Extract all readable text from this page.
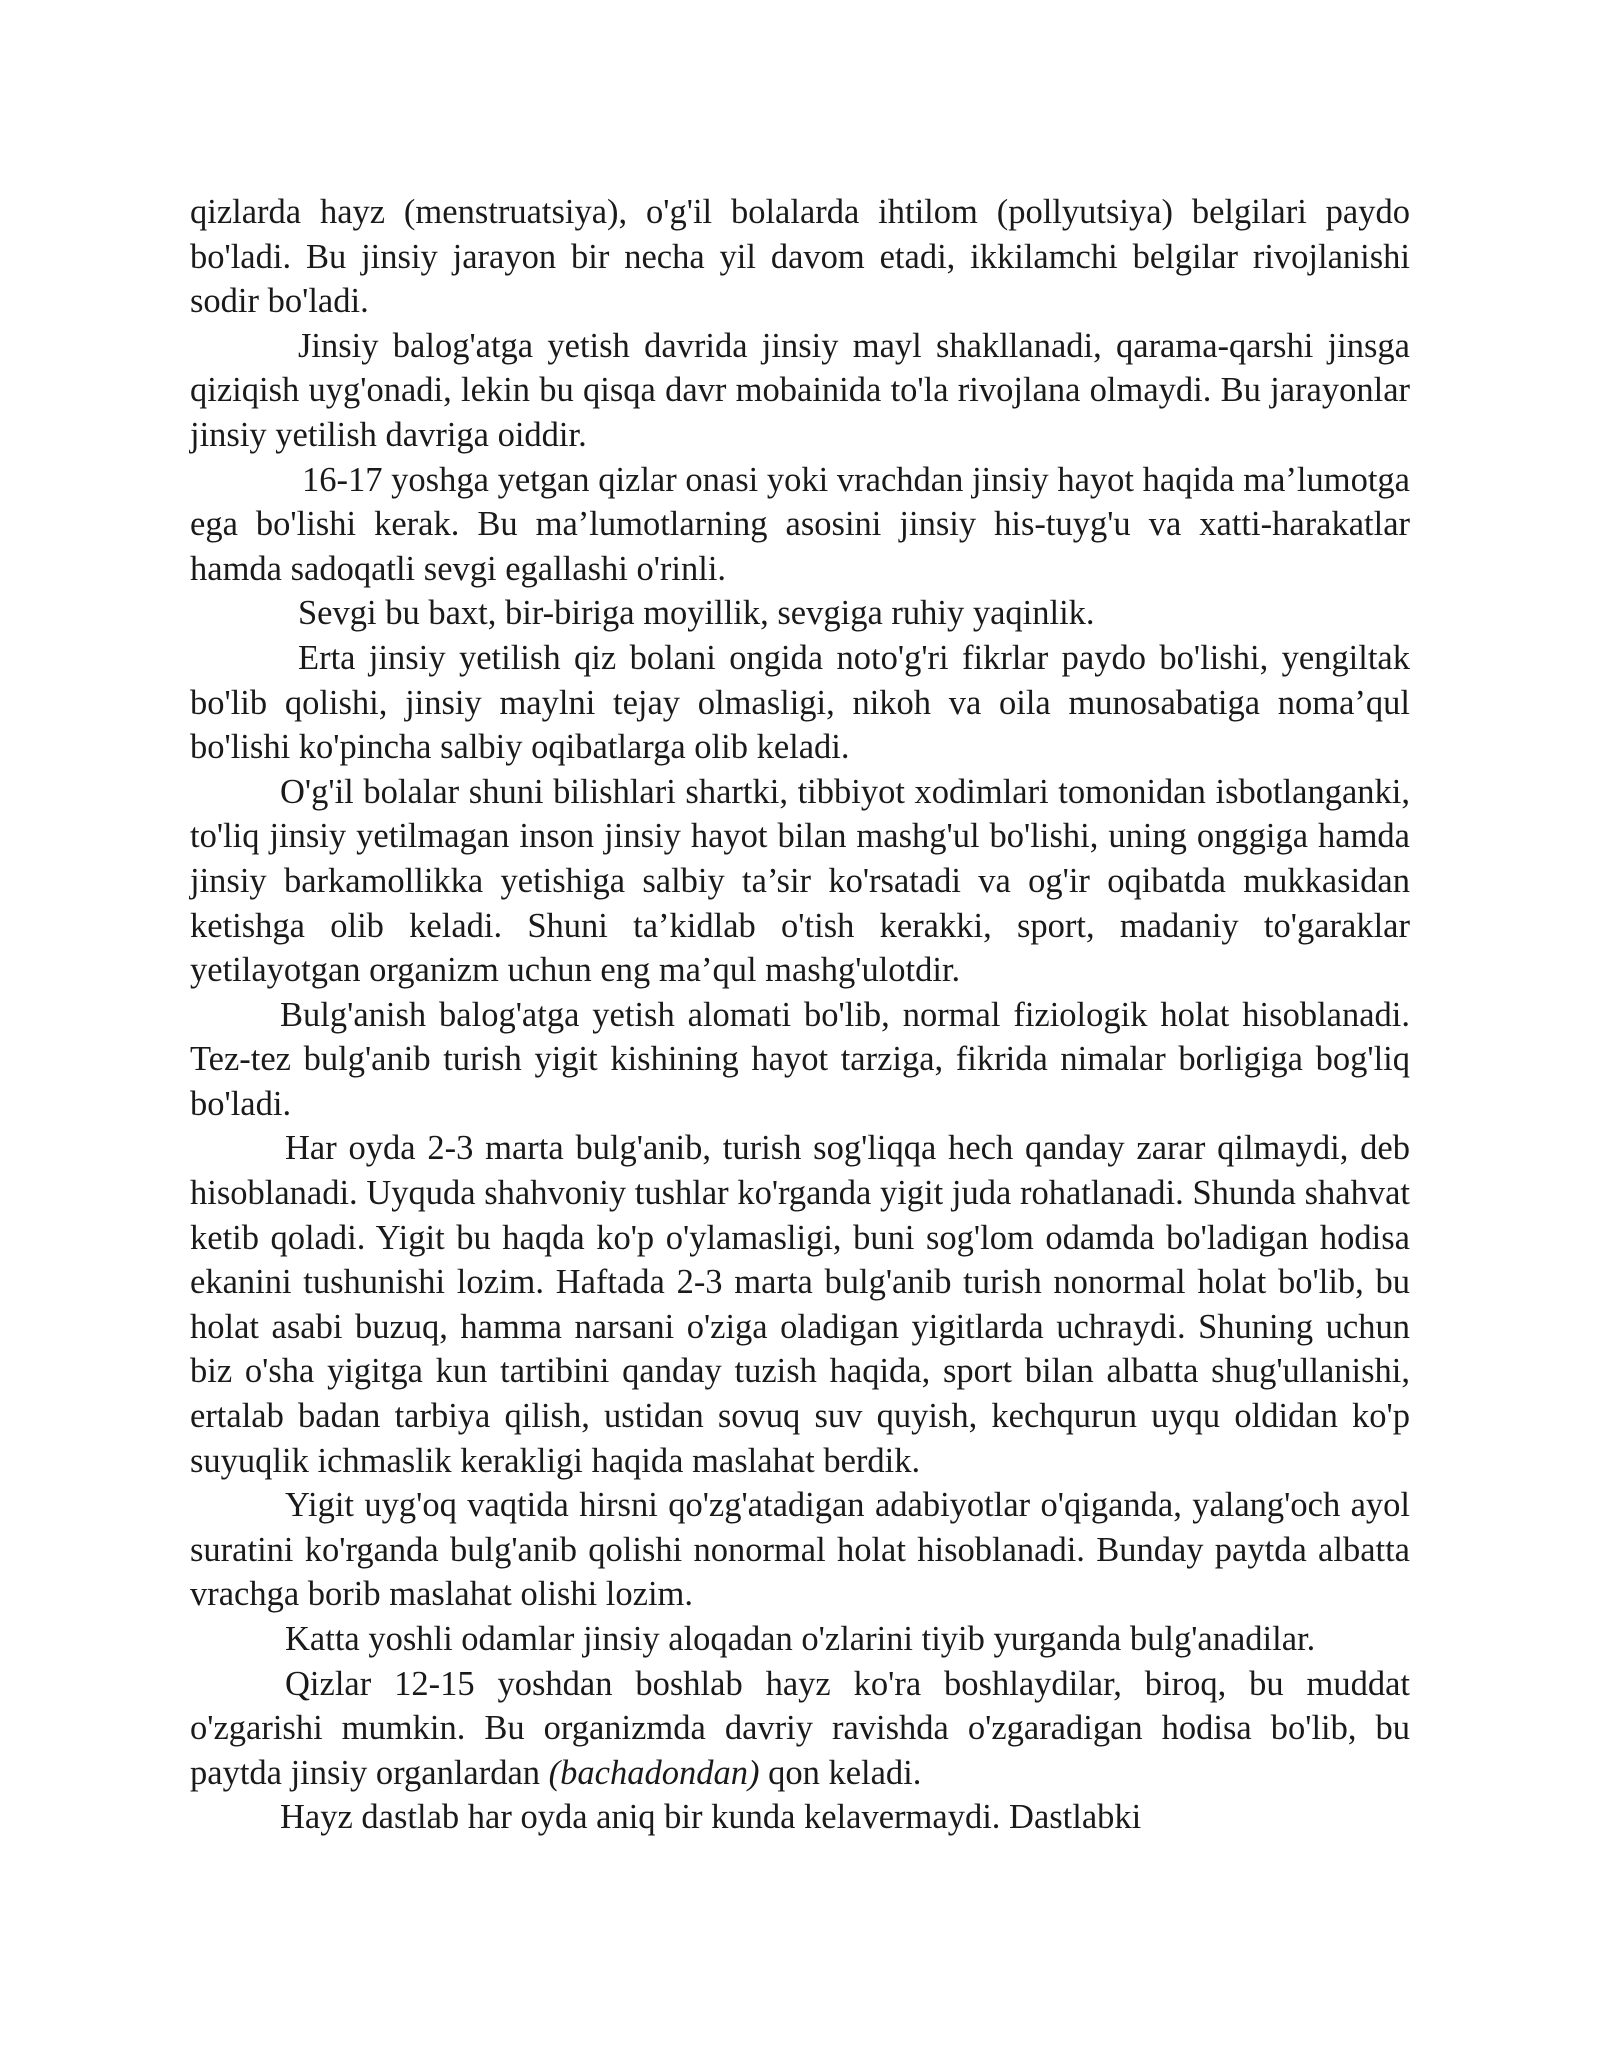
qizlarda hayz (menstruatsiya), o'g'il bolalarda ihtilom (pollyutsiya) belgilari paydo bo'ladi. Bu jinsiy jarayon bir necha yil davom etadi, ikkilamchi belgilar rivojlanishi sodir bo'ladi.

Jinsiy balog'atga yetish davrida jinsiy mayl shakllanadi, qarama-qarshi jinsga qiziqish uyg'onadi, lekin bu qisqa davr mobainida to'la rivojlana olmaydi. Bu jarayonlar jinsiy yetilish davriga oiddir.

16-17 yoshga yetgan qizlar onasi yoki vrachdan jinsiy hayot haqida ma’lumotga ega bo'lishi kerak. Bu ma’lumotlarning asosini jinsiy his-tuyg'u va xatti-harakatlar hamda sadoqatli sevgi egallashi o'rinli.

Sevgi bu baxt, bir-biriga moyillik, sevgiga ruhiy yaqinlik.

Erta jinsiy yetilish qiz bolani ongida noto'g'ri fikrlar paydo bo'lishi, yengiltak bo'lib qolishi, jinsiy maylni tejay olmasligi, nikoh va oila munosabatiga noma’qul bo'lishi ko'pincha salbiy oqibatlarga olib keladi.

O'g'il bolalar shuni bilishlari shartki, tibbiyot xodimlari tomonidan isbotlanganki, to'liq jinsiy yetilmagan inson jinsiy hayot bilan mashg'ul bo'lishi, uning onggiga hamda jinsiy barkamollikka yetishiga salbiy ta’sir ko'rsatadi va og'ir oqibatda mukkasidan ketishga olib keladi. Shuni ta’kidlab o'tish kerakki, sport, madaniy to'garaklar yetilayotgan organizm uchun eng ma’qul mashg'ulotdir.

Bulg'anish balog'atga yetish alomati bo'lib, normal fiziologik holat hisoblanadi. Tez-tez bulg'anib turish yigit kishining hayot tarziga, fikrida nimalar borligiga bog'liq bo'ladi.

Har oyda 2-3 marta bulg'anib, turish sog'liqqa hech qanday zarar qilmaydi, deb hisoblanadi. Uyquda shahvoniy tushlar ko'rganda yigit juda rohatlanadi. Shunda shahvat ketib qoladi. Yigit bu haqda ko'p o'ylamasligi, buni sog'lom odamda bo'ladigan hodisa ekanini tushunishi lozim. Haftada 2-3 marta bulg'anib turish nonormal holat bo'lib, bu holat asabi buzuq, hamma narsani o'ziga oladigan yigitlarda uchraydi. Shuning uchun biz o'sha yigitga kun tartibini qanday tuzish haqida, sport bilan albatta shug'ullanishi, ertalab badan tarbiya qilish, ustidan sovuq suv quyish, kechqurun uyqu oldidan ko'p suyuqlik ichmaslik kerakligi haqida maslahat berdik.

Yigit uyg'oq vaqtida hirsni qo'zg'atadigan adabiyotlar o'qiganda, yalang'och ayol suratini ko'rganda bulg'anib qolishi nonormal holat hisoblanadi. Bunday paytda albatta vrachga borib maslahat olishi lozim.

Katta yoshli odamlar jinsiy aloqadan o'zlarini tiyib yurganda bulg'anadilar.

Qizlar 12-15 yoshdan boshlab hayz ko'ra boshlaydilar, biroq, bu muddat o'zgarishi mumkin. Bu organizmda davriy ravishda o'zgaradigan hodisa bo'lib, bu paytda jinsiy organlardan (bachadondan) qon keladi.

Hayz dastlab har oyda aniq bir kunda kelavermaydi. Dastlabki
